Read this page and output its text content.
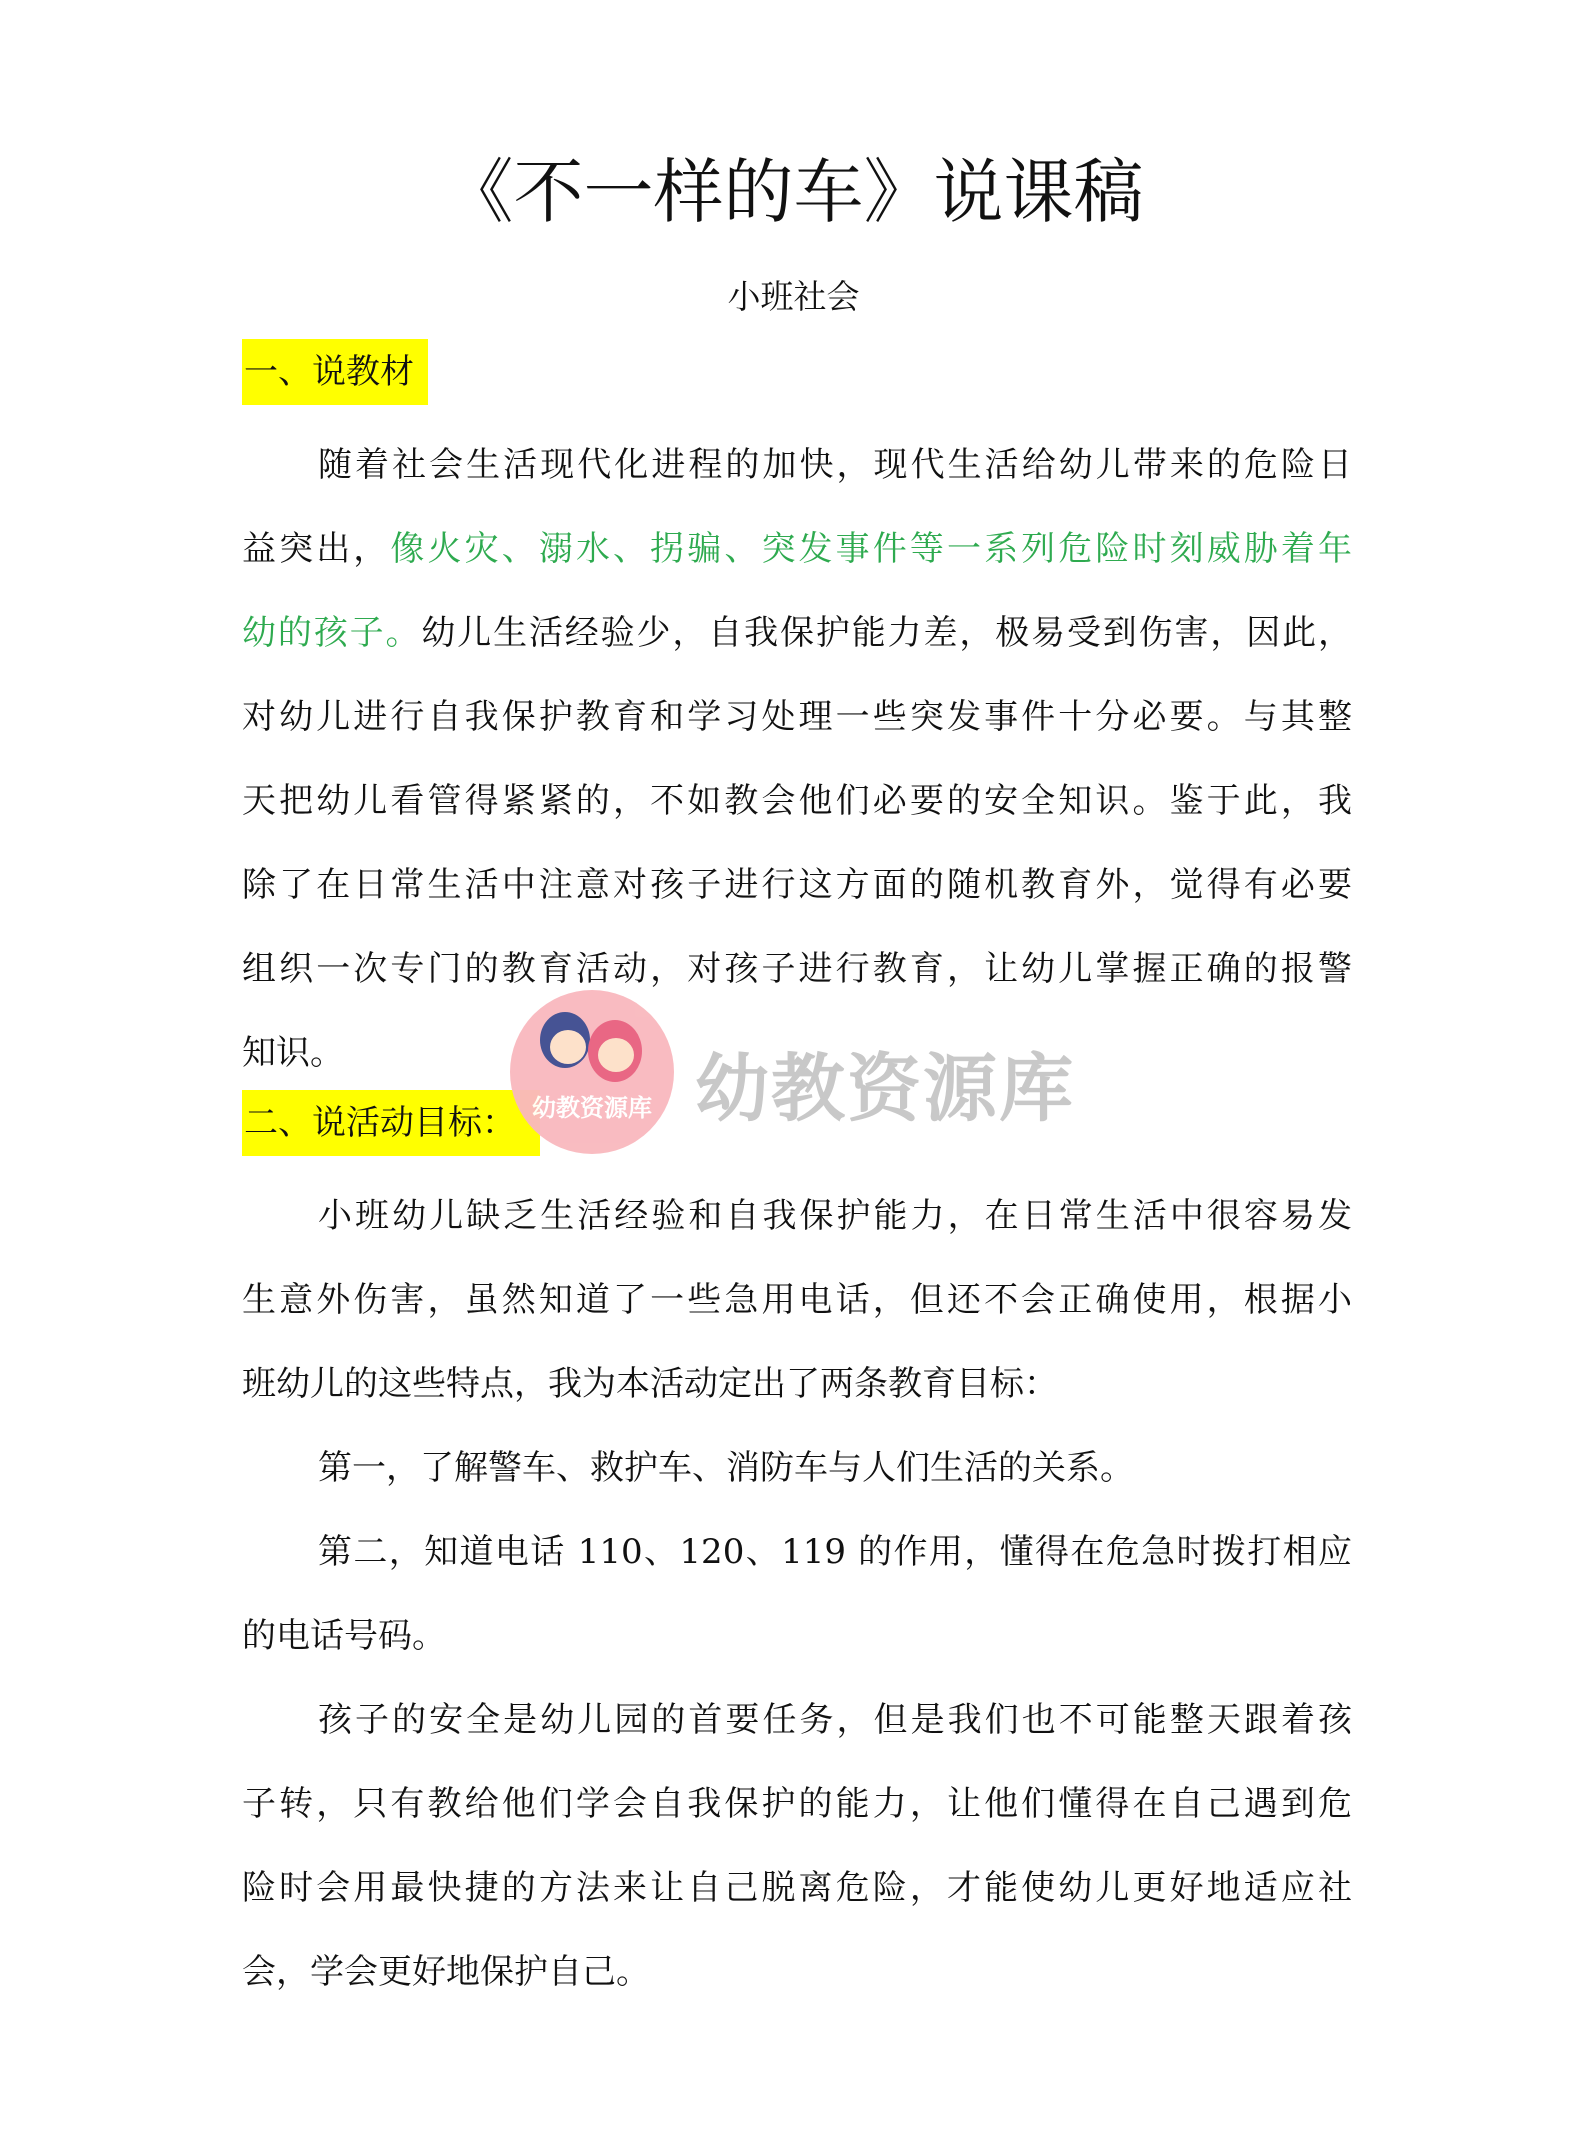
《不一样的车》说课稿
小班社会
一、说教材
随着社会生活现代化进程的加快，现代生活给幼儿带来的危险日
益突出，像火灾、溺水、拐骗、突发事件等一系列危险时刻威胁着年
幼的孩子。幼儿生活经验少，自我保护能力差，极易受到伤害，因此，
对幼儿进行自我保护教育和学习处理一些突发事件十分必要。与其整
天把幼儿看管得紧紧的，不如教会他们必要的安全知识。鉴于此，我
除了在日常生活中注意对孩子进行这方面的随机教育外，觉得有必要
组织一次专门的教育活动，对孩子进行教育，让幼儿掌握正确的报警
知识。
二、说活动目标：
小班幼儿缺乏生活经验和自我保护能力，在日常生活中很容易发
生意外伤害，虽然知道了一些急用电话，但还不会正确使用，根据小
班幼儿的这些特点，我为本活动定出了两条教育目标：
第一，了解警车、救护车、消防车与人们生活的关系。
第二，知道电话 110、120、119 的作用，懂得在危急时拨打相应
的电话号码。
孩子的安全是幼儿园的首要任务，但是我们也不可能整天跟着孩
子转，只有教给他们学会自我保护的能力，让他们懂得在自己遇到危
险时会用最快捷的方法来让自己脱离危险，才能使幼儿更好地适应社
会，学会更好地保护自己。
幼教资源库 幼教资源库
